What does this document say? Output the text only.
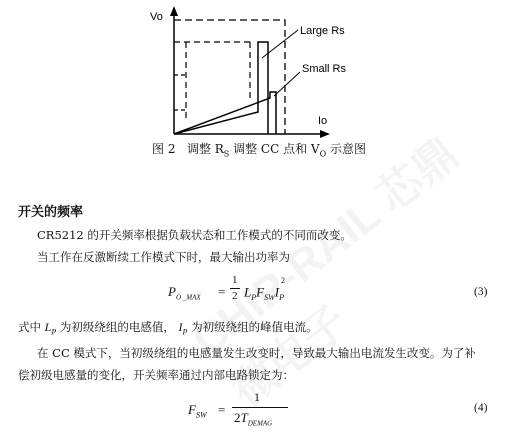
Vo
Io
Large Rs
Small Rs
图 2 调整 $R_S$ 调整 CC 点和 $V_O$ 示意图
开关的频率
CR5212 的开关频率根据负载状态和工作模式的不同而改变。
当工作在反激断续工作模式下时，最大输出功率为
$P_{O \_MAX}$ =
1
2 $L_PF_{SW}I_P^2$
(3)
式中 $L_P$ 为初级绕组的电感值， $I_P$ 为初级绕组的峰值电流。
在 CC 模式下，当初级绕组的电感量发生改变时，导致最大输出电流发生改变。为了补
偿初级电感量的变化，开关频率通过内部电路锁定为：
$F_{SW}$ =
1
$2T_{DEMAG}$
(4)
